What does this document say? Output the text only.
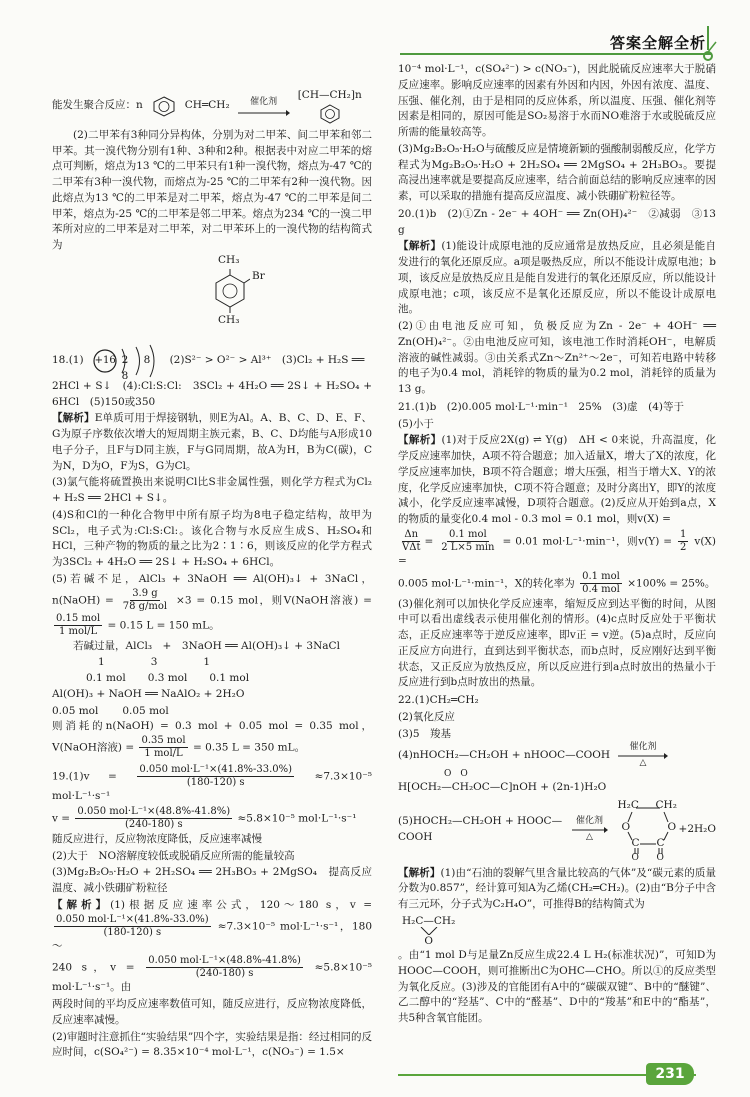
答案全解全析
能发生聚合反应：n	CH═CH₂ 催化剂
[CH—CH₂]n

(2)二甲苯有3种同分异构体，分别为对二甲苯、间二甲苯和邻二甲苯。其一溴代物分别有1种、3种和2种。根据表中对应二甲苯的熔点可判断，熔点为13 ℃的二甲苯只有1种一溴代物，熔点为-47 ℃的二甲苯有3种一溴代物，而熔点为-25 ℃的二甲苯有2种一溴代物。因此熔点为13 ℃的二甲苯是对二甲苯，熔点为-47 ℃的二甲苯是间二甲苯，熔点为-25 ℃的二甲苯是邻二甲苯。熔点为234 ℃的一溴二甲苯所对应的二甲苯是对二甲苯，对二甲苯环上的一溴代物的结构简式为

CH₃
Br
CH₃
18.(1) +16 2 8 8
(2)S²⁻ > O²⁻ > Al³⁺　(3)Cl₂ + H₂S ══

2HCl + S↓　(4):Cl:S:Cl:　3SCl₂ + 4H₂O ══ 2S↓ + H₂SO₄ + 6HCl　(5)150或350

【解析】E单质可用于焊接钢轨，则E为Al。A、B、C、D、E、F、G为原子序数依次增大的短周期主族元素，B、C、D均能与A形成10电子分子，且F与D同主族，F与G同周期，故A为H，B为C(碳)，C为N，D为O，F为S，G为Cl。

(3)氯气能将硫置换出来说明Cl比S非金属性强，则化学方程式为Cl₂ + H₂S ══ 2HCl + S↓。

(4)S和Cl的一种化合物甲中所有原子均为8电子稳定结构，故甲为SCl₂，电子式为:Cl:S:Cl:。该化合物与水反应生成S、H₂SO₄和HCl，三种产物的物质的量之比为2∶1∶6，则该反应的化学方程式为3SCl₂ + 4H₂O ══ 2S↓ + H₂SO₄ + 6HCl。

(5)若碱不足，AlCl₃ + 3NaOH ══ Al(OH)₃↓ + 3NaCl，n(NaOH) = $\frac{3.9 g}{\text{78 g/mol}} \times 3 = 0.15$ mol，则V(NaOH溶液) =
$\frac{\text{0.15 mol}}{\text{1 mol/L}} = 0.15$ L = 150 mL。

若碱过量，AlCl₃　+　3NaOH ══ Al(OH)₃↓ + 3NaCl

1	3	1
0.1 mol 0.3 mol 0.1 mol

Al(OH)₃ + NaOH ══ NaAlO₂ + 2H₂O

0.05 mol 0.05 mol

则消耗的n(NaOH) = 0.3 mol + 0.05 mol = 0.35 mol，V(NaOH溶液) = $\frac{\text{0.35 mol}}{\text{1 mol/L}} = 0.35$ L = 350 mL。

$19.(1)v = \frac{\text{0.050 mol·L⁻¹×(41.8\%-33.0\%)}}{(180-120) s} \approx 7.3\times 10^{-5}$ mol·L⁻¹·s⁻¹

$v = \frac{\text{0.050 mol·L⁻¹×(48.8\%-41.8\%)}}{(240-180) s} \approx 5.8\times 10^{-5}$ mol·L⁻¹·s⁻¹

随反应进行，反应物浓度降低，反应速率减慢

(2)大于　NO溶解度较低或脱硝反应所需的能量较高

(3)Mg₂B₂O₅·H₂O + 2H₂SO₄ ══ 2H₃BO₃ + 2MgSO₄　提高反应温度、减小铁硼矿粉粒径

【解析】(1)根据反应速率公式，120～180 s，v =
$\frac{\text{0.050 mol·L⁻¹×(41.8\%-33.0\%)}}{(180-120) s} \approx 7.3\times 10^{-5}$ mol·L⁻¹·s⁻¹，180～

240 s，$v = \frac{\text{0.050 mol·L⁻¹×(48.8\%-41.8\%)}}{(240-180) s} \approx 5.8\times 10^{-5}$ mol·L⁻¹·s⁻¹。由

两段时间的平均反应速率数值可知，随反应进行，反应物浓度降低，反应速率减慢。

(2)审题时注意抓住“实验结果”四个字，实验结果是指：经过相同的反应时间，c(SO₄²⁻) = 8.35×10⁻⁴ mol·L⁻¹，c(NO₃⁻) = 1.5×

10⁻⁴ mol·L⁻¹，c(SO₄²⁻) > c(NO₃⁻)，因此脱硫反应速率大于脱硝反应速率。影响反应速率的因素有外因和内因，外因有浓度、温度、压强、催化剂，由于是相同的反应体系，所以温度、压强、催化剂等因素是相同的，原因可能是SO₂易溶于水而NO难溶于水或脱硫反应所需的能量较高等。

(3)Mg₂B₂O₅·H₂O与硫酸反应是情境新颖的强酸制弱酸反应，化学方程式为Mg₂B₂O₅·H₂O + 2H₂SO₄ ══ 2MgSO₄ + 2H₃BO₃。要提高浸出速率就是要提高反应速率，结合前面总结的影响反应速率的因素，可以采取的措施有提高反应温度、减小铁硼矿粉粒径等。

20.(1)b　(2)①Zn - 2e⁻ + 4OH⁻ ══ Zn(OH)₄²⁻　②减弱　③13 g

【解析】(1)能设计成原电池的反应通常是放热反应，且必须是能自发进行的氧化还原反应。a项是吸热反应，所以不能设计成原电池；b项，该反应是放热反应且是能自发进行的氧化还原反应，所以能设计成原电池；c项，该反应不是氧化还原反应，所以不能设计成原电池。

(2)①由电池反应可知，负极反应为Zn - 2e⁻ + 4OH⁻ ══ Zn(OH)₄²⁻。②由电池反应可知，该电池工作时消耗OH⁻，电解质溶液的碱性减弱。③由关系式Zn～Zn²⁺～2e⁻，可知若电路中转移的电子为0.4 mol，消耗锌的物质的量为0.2 mol，消耗锌的质量为13 g。

21.(1)b　(2)0.005 mol·L⁻¹·min⁻¹　25%　(3)虚　(4)等于

(5)小于

【解析】(1)对于反应2X(g) ⇌ Y(g)　ΔH < 0来说，升高温度，化学反应速率加快，A项不符合题意；加入适量X，增大了X的浓度，化学反应速率加快，B项不符合题意；增大压强，相当于增大X、Y的浓度，化学反应速率加快，C项不符合题意；及时分离出Y，即Y的浓度减小，化学反应速率减慢，D项符合题意。(2)反应从开始到a点，X的物质的量变化0.4 mol - 0.3 mol = 0.1 mol，则v(X) =

$\frac{\Delta n}{\text{VΔt}} = \frac{\text{0.1 mol}}{2 L\times 5 \min} = 0.01$ mol·L⁻¹·min⁻¹，则$v(Y) = \frac{1}{2} v(X)$ =

0.005 mol·L⁻¹·min⁻¹，X的转化率为 $\frac{\text{0.1 mol}}{\text{0.4 mol}} \times 100\% = 25\%$。

(3)催化剂可以加快化学反应速率，缩短反应到达平衡的时间，从图中可以看出虚线表示使用催化剂的情形。(4)c点时反应处于平衡状态，正反应速率等于逆反应速率，即v正 = v逆。(5)a点时，反应向正反应方向进行，直到达到平衡状态，而b点时，反应刚好达到平衡状态，又正反应为放热反应，所以反应进行到a点时放出的热量小于反应进行到b点时放出的热量。

22.(1)CH₂═CH₂

(2)氧化反应

(3)5　羧基

(4)nHOCH₂—CH₂OH + nHOOC—COOH
催化剂
△
O　O

H[OCH₂—CH₂OC—C]nOH + (2n-1)H₂O

(5)HOCH₂—CH₂OH + HOOC—COOH
催化剂
△
H₂C CH₂
O	O
C C
O O
+2H₂O

【解析】(1)由“石油的裂解气里含量比较高的气体”及“碳元素的质量分数为0.857”，经计算可知A为乙烯(CH₂═CH₂)。(2)由“B分子中含有三元环，分子式为C₂H₄O”，可推得B的结构简式为

H₂C—CH₂
O

。由“1 mol D与足量Zn反应生成22.4 L H₂(标准状况)”，可知D为HOOC—COOH，则可推断出C为OHC—CHO。所以①的反应类型为氧化反应。(3)涉及的官能团有A中的“碳碳双键”、B中的“醚键”、乙二醇中的“羟基”、C中的“醛基”、D中的“羧基”和E中的“酯基”，共5种含氧官能团。

231
